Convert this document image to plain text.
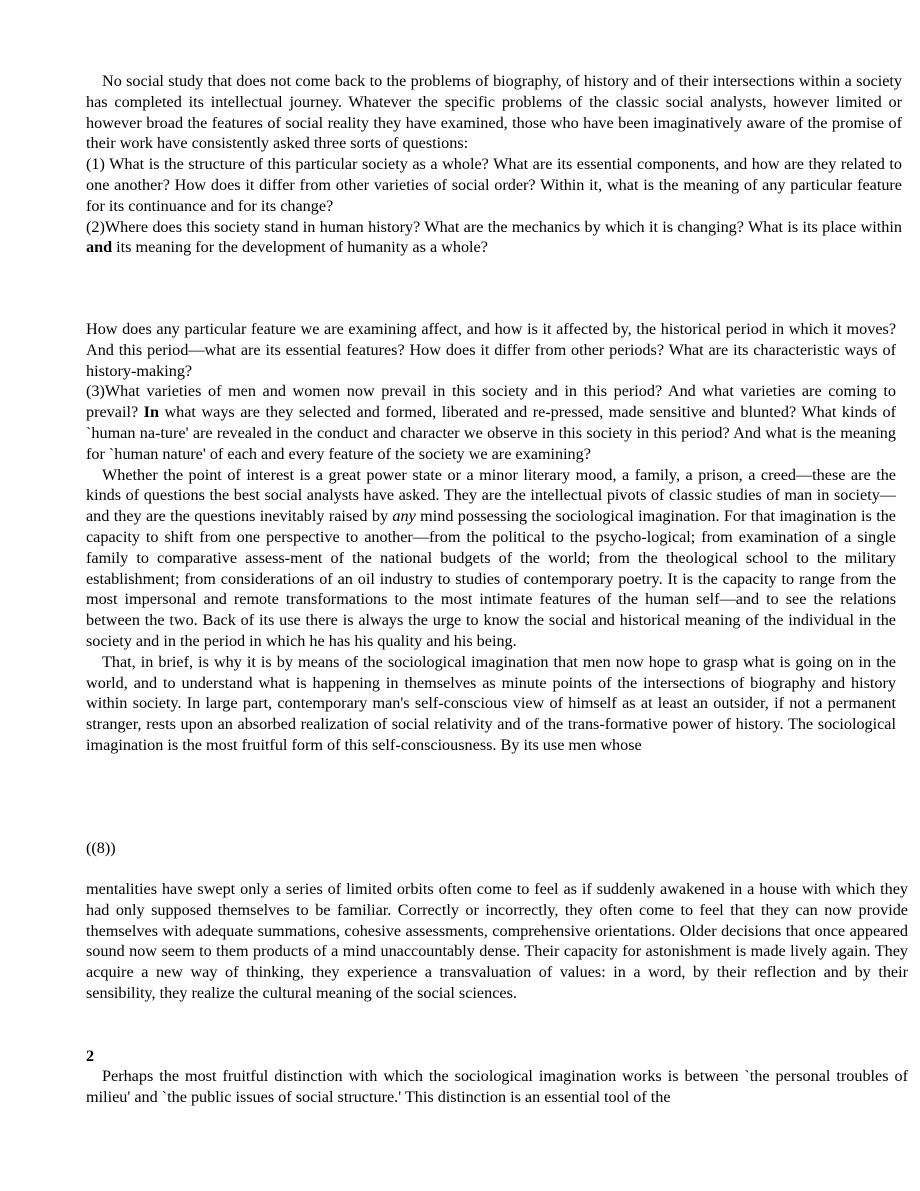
No social study that does not come back to the problems of biography, of history and of their intersections within a society has completed its intellectual journey. Whatever the specific problems of the classic social analysts, however limited or however broad the features of social reality they have examined, those who have been imaginatively aware of the promise of their work have consistently asked three sorts of questions:

(1) What is the structure of this particular society as a whole? What are its essential components, and how are they related to one another? How does it differ from other varieties of social order? Within it, what is the meaning of any particular feature for its continuance and for its change?

(2)Where does this society stand in human history? What are the mechanics by which it is changing? What is its place within and its meaning for the development of humanity as a whole?

How does any particular feature we are examining affect, and how is it affected by, the historical period in which it moves? And this period—what are its essential features? How does it differ from other periods? What are its characteristic ways of history-making?

(3)What varieties of men and women now prevail in this society and in this period? And what varieties are coming to prevail? In what ways are they selected and formed, liberated and re-pressed, made sensitive and blunted? What kinds of `human na-ture' are revealed in the conduct and character we observe in this society in this period? And what is the meaning for `human nature' of each and every feature of the society we are examining?

Whether the point of interest is a great power state or a minor literary mood, a family, a prison, a creed—these are the kinds of questions the best social analysts have asked. They are the intellectual pivots of classic studies of man in society—and they are the questions inevitably raised by any mind possessing the sociological imagination. For that imagination is the capacity to shift from one perspective to another—from the political to the psycho-logical; from examination of a single family to comparative assess-ment of the national budgets of the world; from the theological school to the military establishment; from considerations of an oil industry to studies of contemporary poetry. It is the capacity to range from the most impersonal and remote transformations to the most intimate features of the human self—and to see the relations between the two. Back of its use there is always the urge to know the social and historical meaning of the individual in the society and in the period in which he has his quality and his being.

That, in brief, is why it is by means of the sociological imagination that men now hope to grasp what is going on in the world, and to understand what is happening in themselves as minute points of the intersections of biography and history within society. In large part, contemporary man's self-conscious view of himself as at least an outsider, if not a permanent stranger, rests upon an absorbed realization of social relativity and of the trans-formative power of history. The sociological imagination is the most fruitful form of this self-consciousness. By its use men whose

((8))

mentalities have swept only a series of limited orbits often come to feel as if suddenly awakened in a house with which they had only supposed themselves to be familiar. Correctly or incorrectly, they often come to feel that they can now provide themselves with adequate summations, cohesive assessments, comprehensive orientations. Older decisions that once appeared sound now seem to them products of a mind unaccountably dense. Their capacity for astonishment is made lively again. They acquire a new way of thinking, they experience a transvaluation of values: in a word, by their reflection and by their sensibility, they realize the cultural meaning of the social sciences.

2

Perhaps the most fruitful distinction with which the sociological imagination works is between `the personal troubles of milieu' and `the public issues of social structure.' This distinction is an essential tool of the
